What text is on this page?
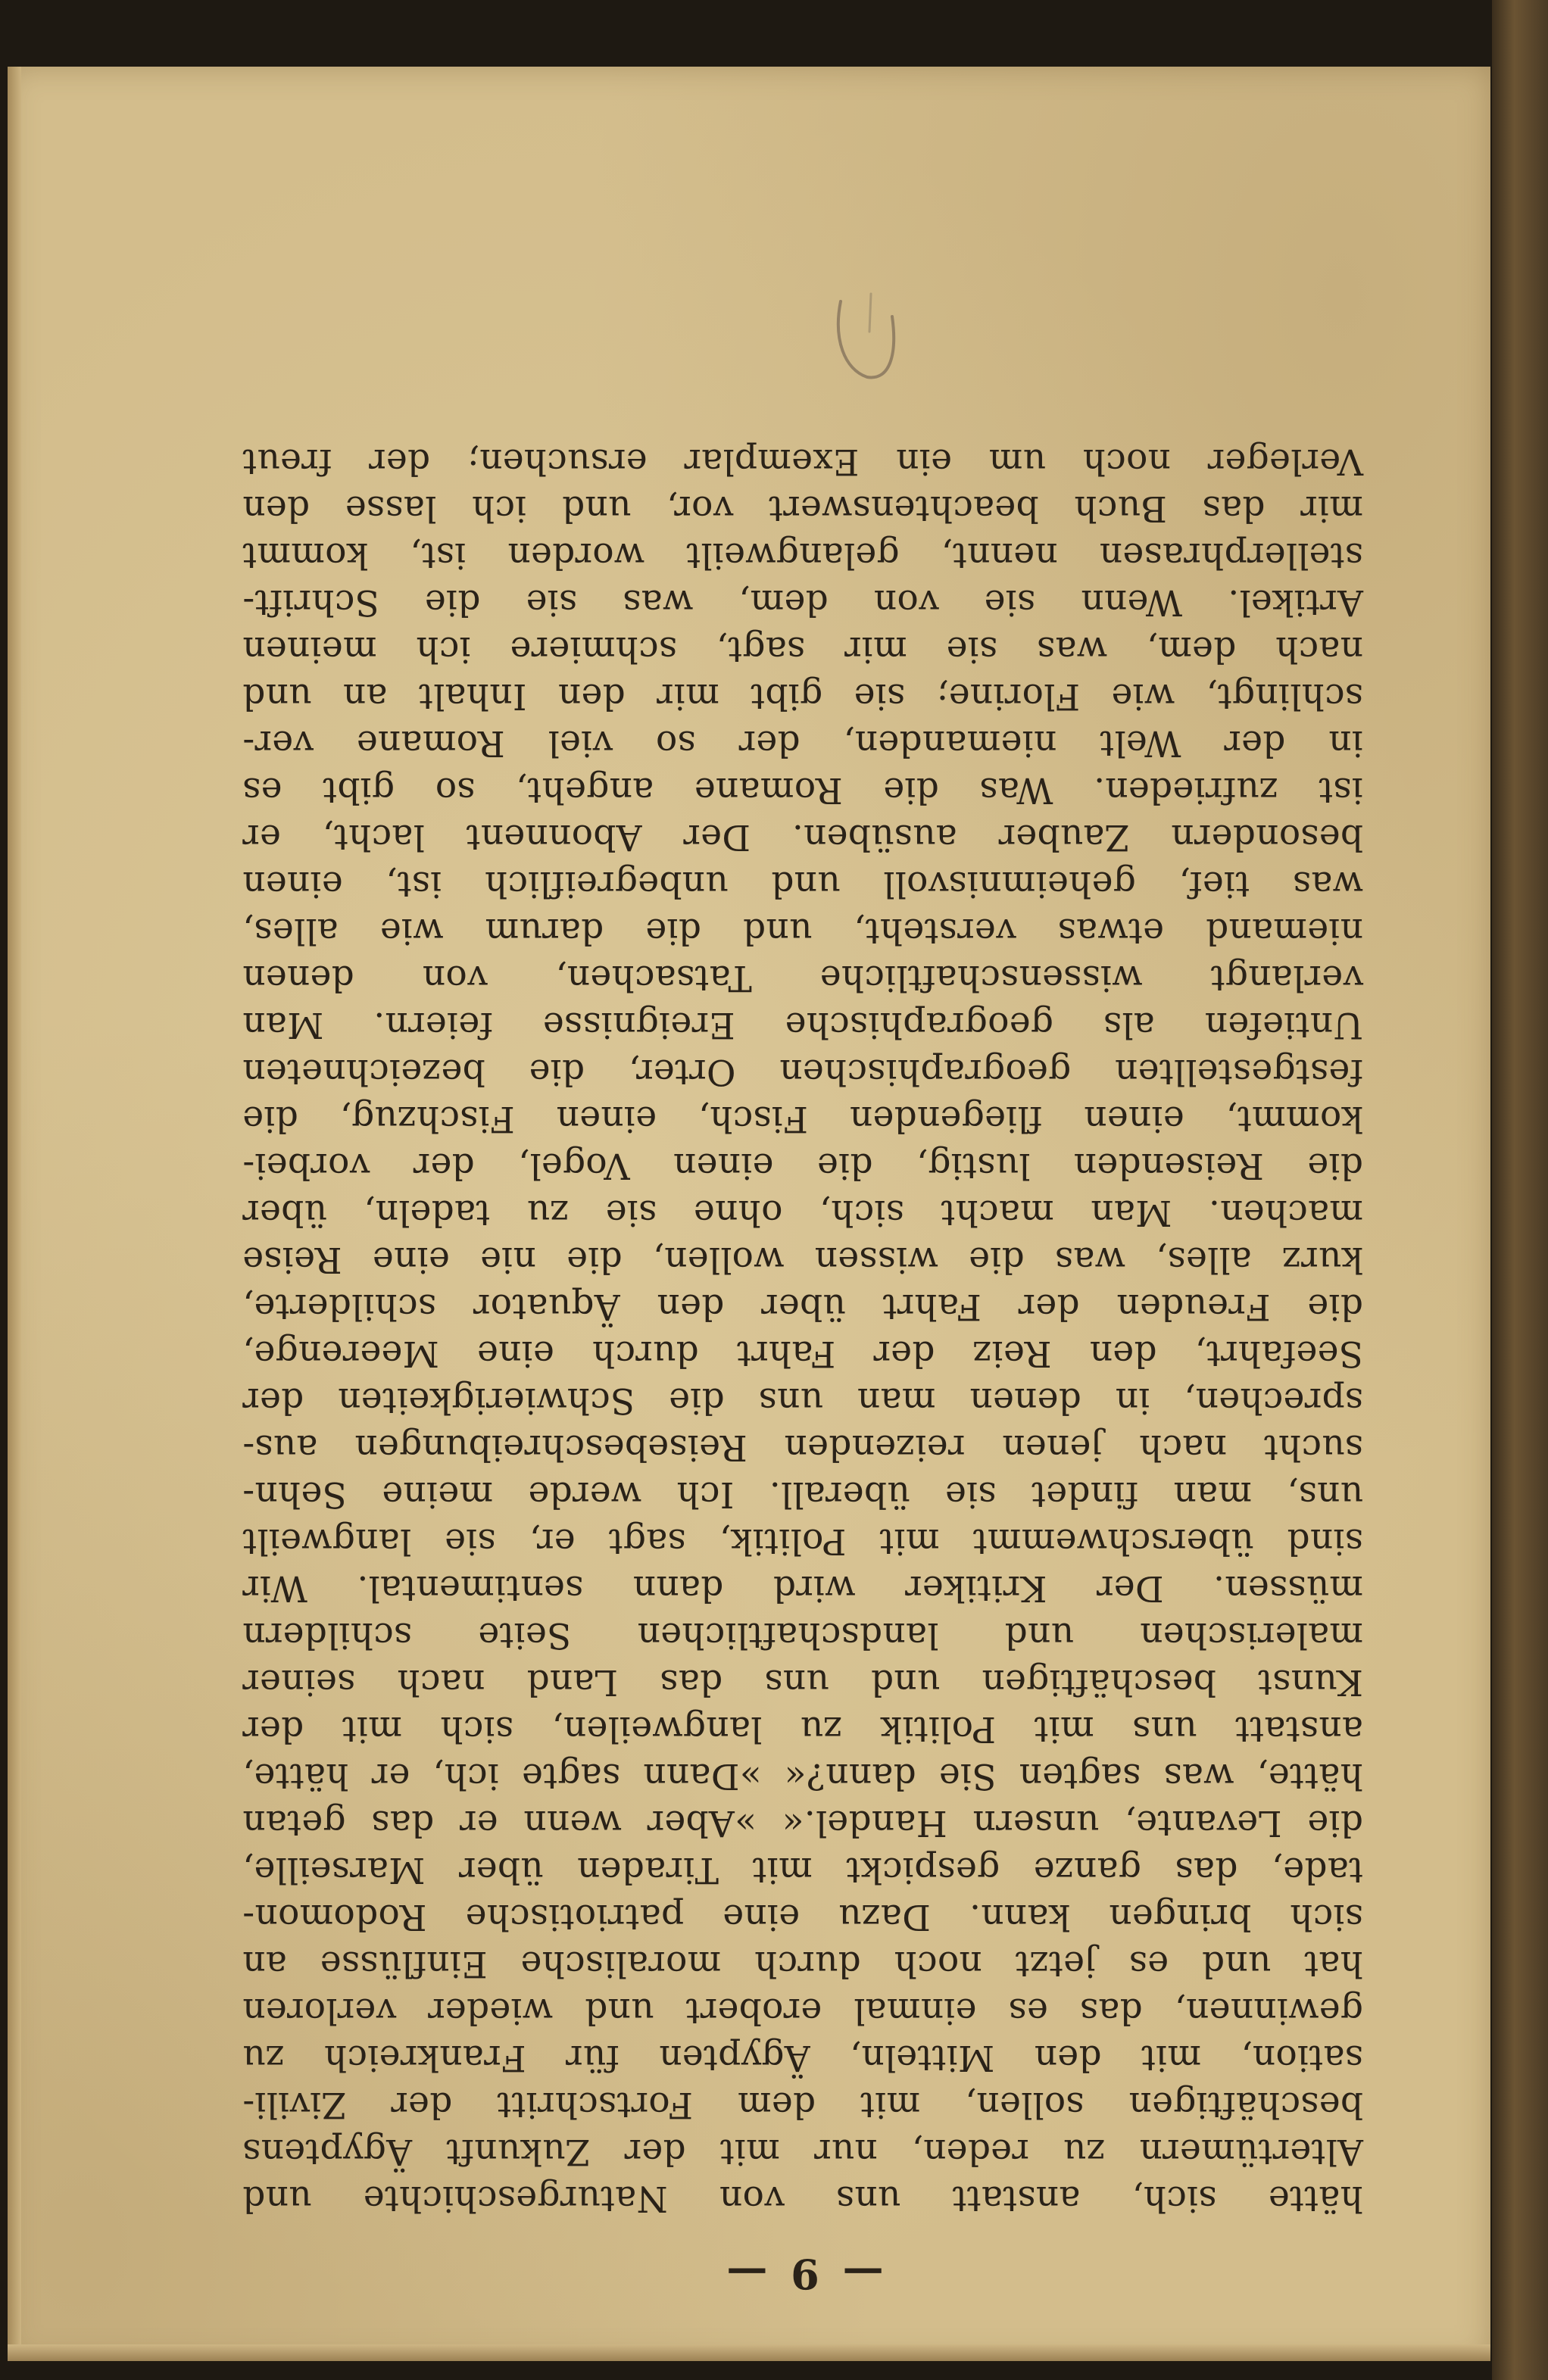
— 9 —
hätte sich, anstatt uns von Naturgeschichte und
Altertümern zu reden, nur mit der Zukunft Ägyptens
beschäftigen sollen, mit dem Fortschritt der Zivili-
sation, mit den Mitteln, Ägypten für Frankreich zu
gewinnen, das es einmal erobert und wieder verloren
hat und es jetzt noch durch moralische Einflüsse an
sich bringen kann. Dazu eine patriotische Rodomon-
tade, das ganze gespickt mit Tiraden über Marseille,
die Levante, unsern Handel.« »Aber wenn er das getan
hätte, was sagten Sie dann?« »Dann sagte ich, er hätte,
anstatt uns mit Politik zu langweilen, sich mit der
Kunst beschäftigen und uns das Land nach seiner
malerischen und landschaftlichen Seite schildern
müssen. Der Kritiker wird dann sentimental. Wir
sind überschwemmt mit Politik, sagt er, sie langweilt
uns, man findet sie überall. Ich werde meine Sehn-
sucht nach jenen reizenden Reisebeschreibungen aus-
sprechen, in denen man uns die Schwierigkeiten der
Seefahrt, den Reiz der Fahrt durch eine Meerenge,
die Freuden der Fahrt über den Äquator schilderte,
kurz alles, was die wissen wollen, die nie eine Reise
machen. Man macht sich, ohne sie zu tadeln, über
die Reisenden lustig, die einen Vogel, der vorbei-
kommt, einen fliegenden Fisch, einen Fischzug, die
festgestellten geographischen Orter, die bezeichneten
Untiefen als geographische Ereignisse feiern. Man
verlangt wissenschaftliche Tatsachen, von denen
niemand etwas versteht, und die darum wie alles,
was tief, geheimnisvoll und unbegreiflich ist, einen
besondern Zauber ausüben. Der Abonnent lacht, er
ist zufrieden. Was die Romane angeht, so gibt es
in der Welt niemanden, der so viel Romane ver-
schlingt, wie Florine; sie gibt mir den Inhalt an und
nach dem, was sie mir sagt, schmiere ich meinen
Artikel. Wenn sie von dem, was sie die Schrift-
stellerphrasen nennt, gelangweilt worden ist, kommt
mir das Buch beachtenswert vor, und ich lasse den
Verleger noch um ein Exemplar ersuchen; der freut
